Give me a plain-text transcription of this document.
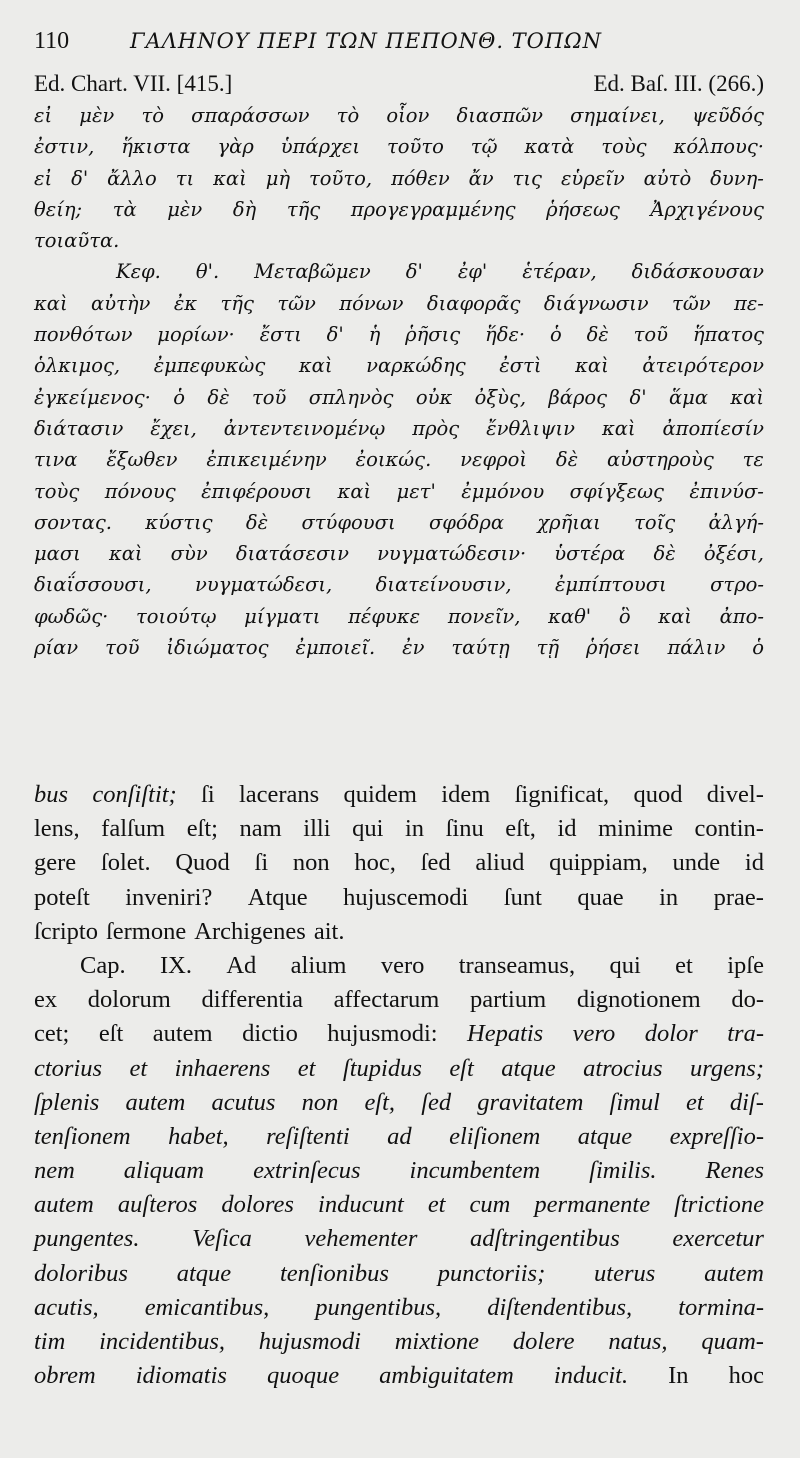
110	ΓΑΛΗΝΟΥ ΠΕΡΙ ΤΩΝ ΠΕΠΟΝΘ. ΤΟΠΩΝ
Ed. Chart. VII. [415.]	Ed. Baſ. III. (266.)
εἰ μὲν τὸ σπαράσσων τὸ οἷον διασπῶν σημαίνει, ψεῦδός
ἐστιν, ἥκιστα γὰρ ὑπάρχει τοῦτο τῷ κατὰ τοὺς κόλπους·
εἰ δ' ἄλλο τι καὶ μὴ τοῦτο, πόθεν ἄν τις εὑρεῖν αὐτὸ δυνη-
θείη; τὰ μὲν δὴ τῆς προγεγραμμένης ῥήσεως Ἀρχιγένους
τοιαῦτα.
Κεφ. θ'. Μεταβῶμεν δ' ἐφ' ἑτέραν, διδάσκουσαν
καὶ αὐτὴν ἐκ τῆς τῶν πόνων διαφορᾶς διάγνωσιν τῶν πε-
πονθότων μορίων· ἔστι δ' ἡ ῥῆσις ἥδε· ὁ δὲ τοῦ ἥπατος
ὁλκιμος, ἐμπεφυκὼς καὶ ναρκώδης ἐστὶ καὶ ἀτειρότερον
ἐγκείμενος· ὁ δὲ τοῦ σπληνὸς οὐκ ὀξὺς, βάρος δ' ἅμα καὶ
διάτασιν ἔχει, ἀντεντεινομένῳ πρὸς ἔνθλιψιν καὶ ἀποπίεσίν
τινα ἔξωθεν ἐπικειμένην ἐοικώς. νεφροὶ δὲ αὐστηροὺς τε
τοὺς πόνους ἐπιφέρουσι καὶ μετ' ἐμμόνου σφίγξεως ἐπινύσ-
σοντας. κύστις δὲ στύφουσι σφόδρα χρῆιαι τοῖς ἀλγή-
μασι καὶ σὺν διατάσεσιν νυγματώδεσιν· ὑστέρα δὲ ὀξέσι,
διαΐσσουσι, νυγματώδεσι, διατείνουσιν, ἐμπίπτουσι στρο-
φωδῶς· τοιούτῳ μίγματι πέφυκε πονεῖν, καθ' ὃ καὶ ἀπο-
ρίαν τοῦ ἰδιώματος ἐμποιεῖ. ἐν ταύτῃ τῇ ῥήσει πάλιν ὁ
bus conſiſtit; ſi lacerans quidem idem ſignificat, quod divel-
lens, falſum eſt; nam illi qui in ſinu eſt, id minime contin-
gere ſolet. Quod ſi non hoc, ſed aliud quippiam, unde id
poteſt inveniri? Atque hujuscemodi ſunt quae in prae-
ſcripto ſermone Archigenes ait.
Cap. IX. Ad alium vero transeamus, qui et ipſe
ex dolorum differentia affectarum partium dignotionem do-
cet; eſt autem dictio hujusmodi: Hepatis vero dolor tra-
ctorius et inhaerens et ſtupidus eſt atque atrocius urgens;
ſplenis autem acutus non eſt, ſed gravitatem ſimul et diſ-
tenſionem habet, reſiſtenti ad eliſionem atque expreſſio-
nem aliquam extrinſecus incumbentem ſimilis. Renes
autem auſteros dolores inducunt et cum permanente ſtrictione
pungentes. Veſica vehementer adſtringentibus exercetur
doloribus atque tenſionibus punctoriis; uterus autem
acutis, emicantibus, pungentibus, diſtendentibus, tormina-
tim incidentibus, hujusmodi mixtione dolere natus, quam-
obrem idiomatis quoque ambiguitatem inducit. In hoc
